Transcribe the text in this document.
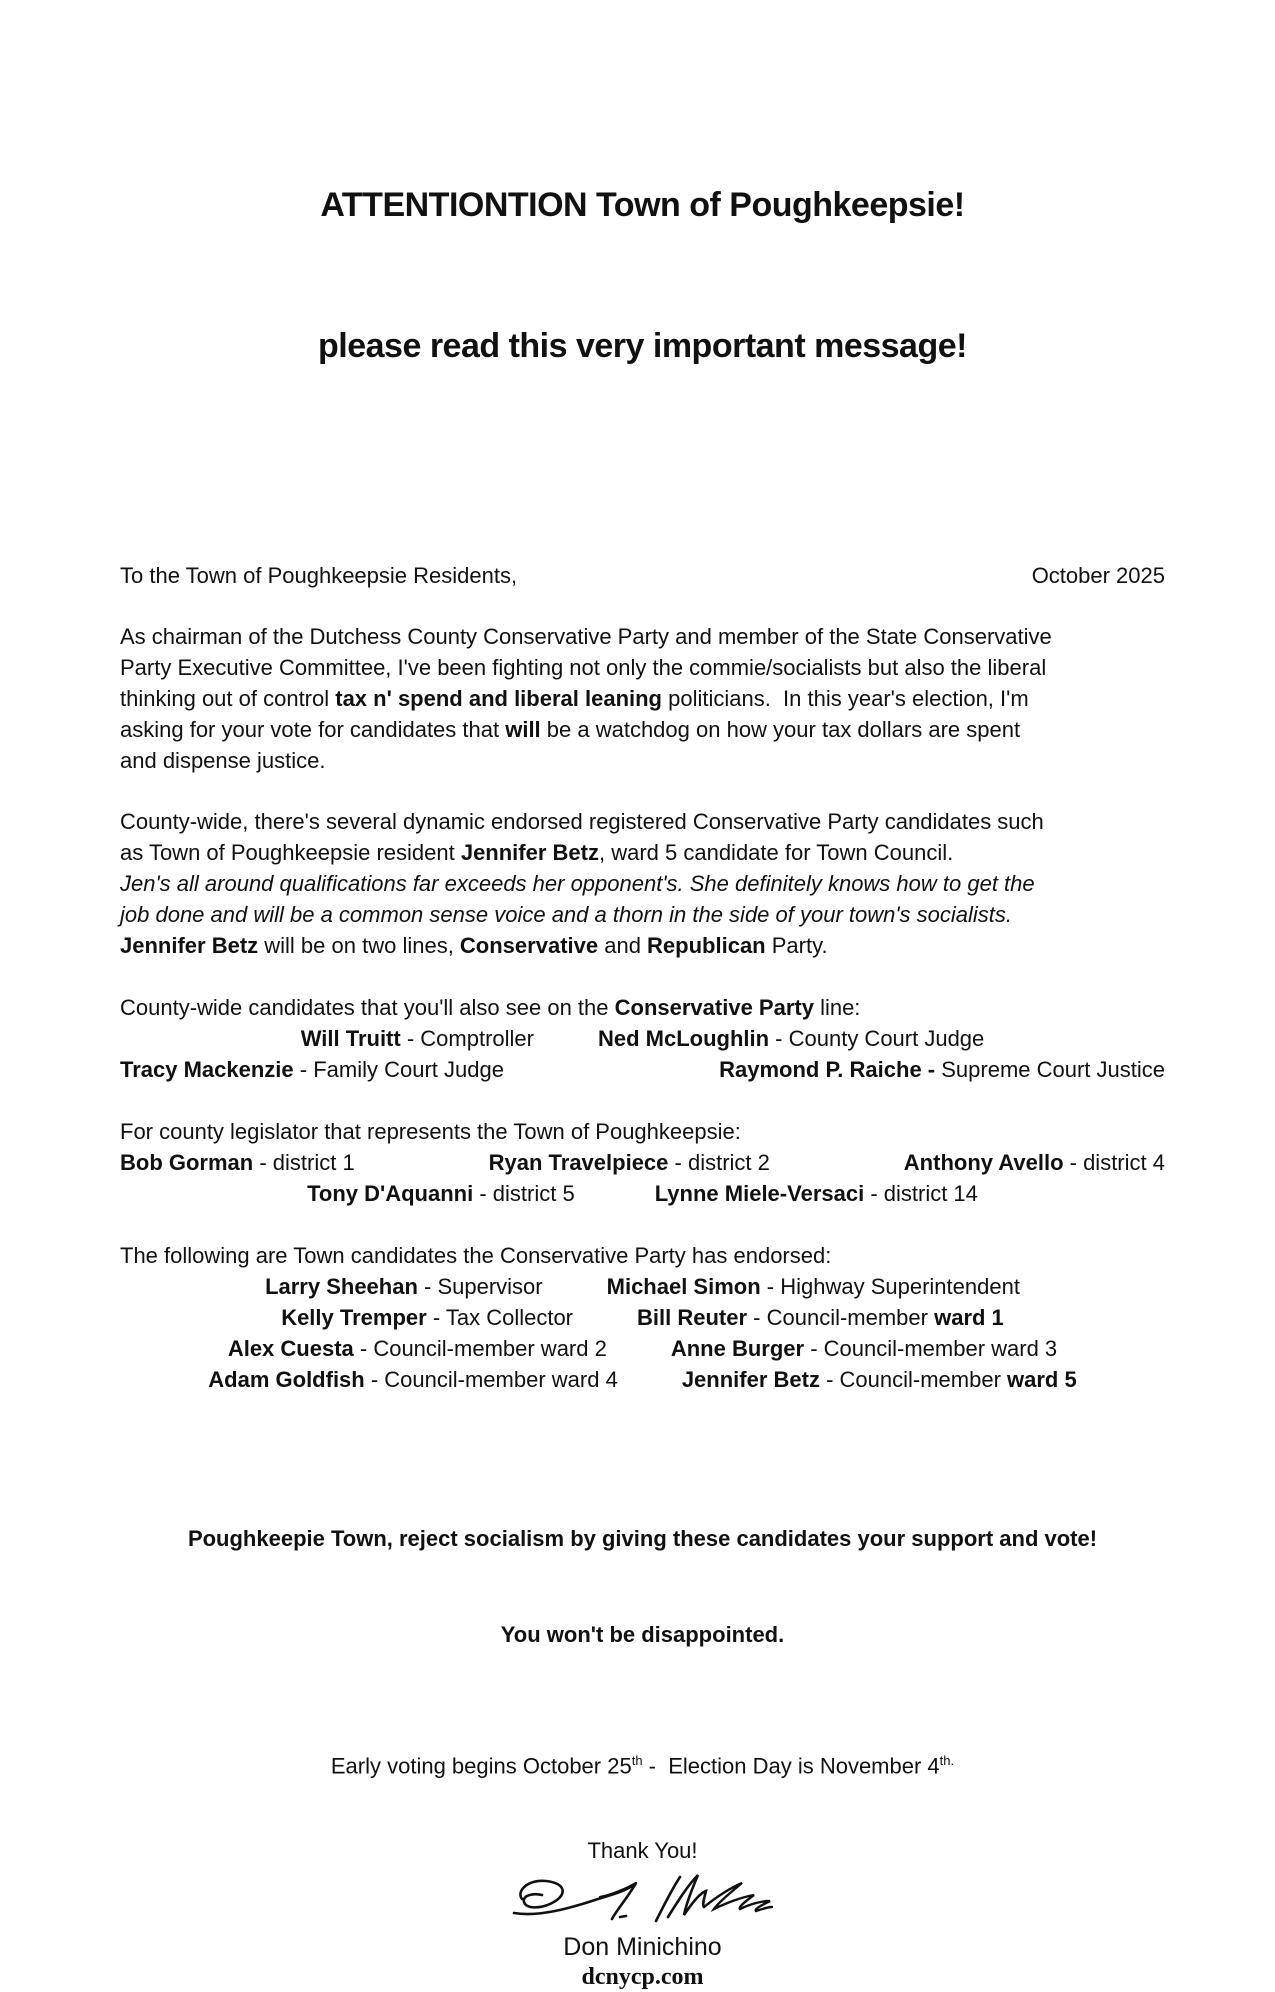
ATTENTIONTION Town of Poughkeepsie!

please read this very important message!

To the Town of Poughkeepsie Residents,	October 2025
As chairman of the Dutchess County Conservative Party and member of the State Conservative
Party Executive Committee, I've been fighting not only the commie/socialists but also the liberal
thinking out of control tax n' spend and liberal leaning politicians.  In this year's election, I'm
asking for your vote for candidates that will be a watchdog on how your tax dollars are spent
and dispense justice.
County-wide, there's several dynamic endorsed registered Conservative Party candidates such
as Town of Poughkeepsie resident Jennifer Betz, ward 5 candidate for Town Council.
Jen's all around qualifications far exceeds her opponent's. She definitely knows how to get the
job done and will be a common sense voice and a thorn in the side of your town's socialists.
Jennifer Betz will be on two lines, Conservative and Republican Party.
County-wide candidates that you'll also see on the Conservative Party line:
Will Truitt - Comptroller	Ned McLoughlin - County Court Judge
Tracy Mackenzie - Family Court Judge	Raymond P. Raiche - Supreme Court Justice
For county legislator that represents the Town of Poughkeepsie:
Bob Gorman - district 1	Ryan Travelpiece - district 2	Anthony Avello - district 4
Tony D'Aquanni - district 5	Lynne Miele-Versaci - district 14
The following are Town candidates the Conservative Party has endorsed:
Larry Sheehan - Supervisor	Michael Simon - Highway Superintendent
Kelly Tremper - Tax Collector	Bill Reuter - Council-member ward 1
Alex Cuesta - Council-member ward 2	Anne Burger - Council-member ward 3
Adam Goldfish - Council-member ward 4	Jennifer Betz - Council-member ward 5

Poughkeepie Town, reject socialism by giving these candidates your support and vote!

You won't be disappointed.

Early voting begins October 25th -  Election Day is November $4^{th.}$
Thank You!
Don Minichino
dcnycp.com
